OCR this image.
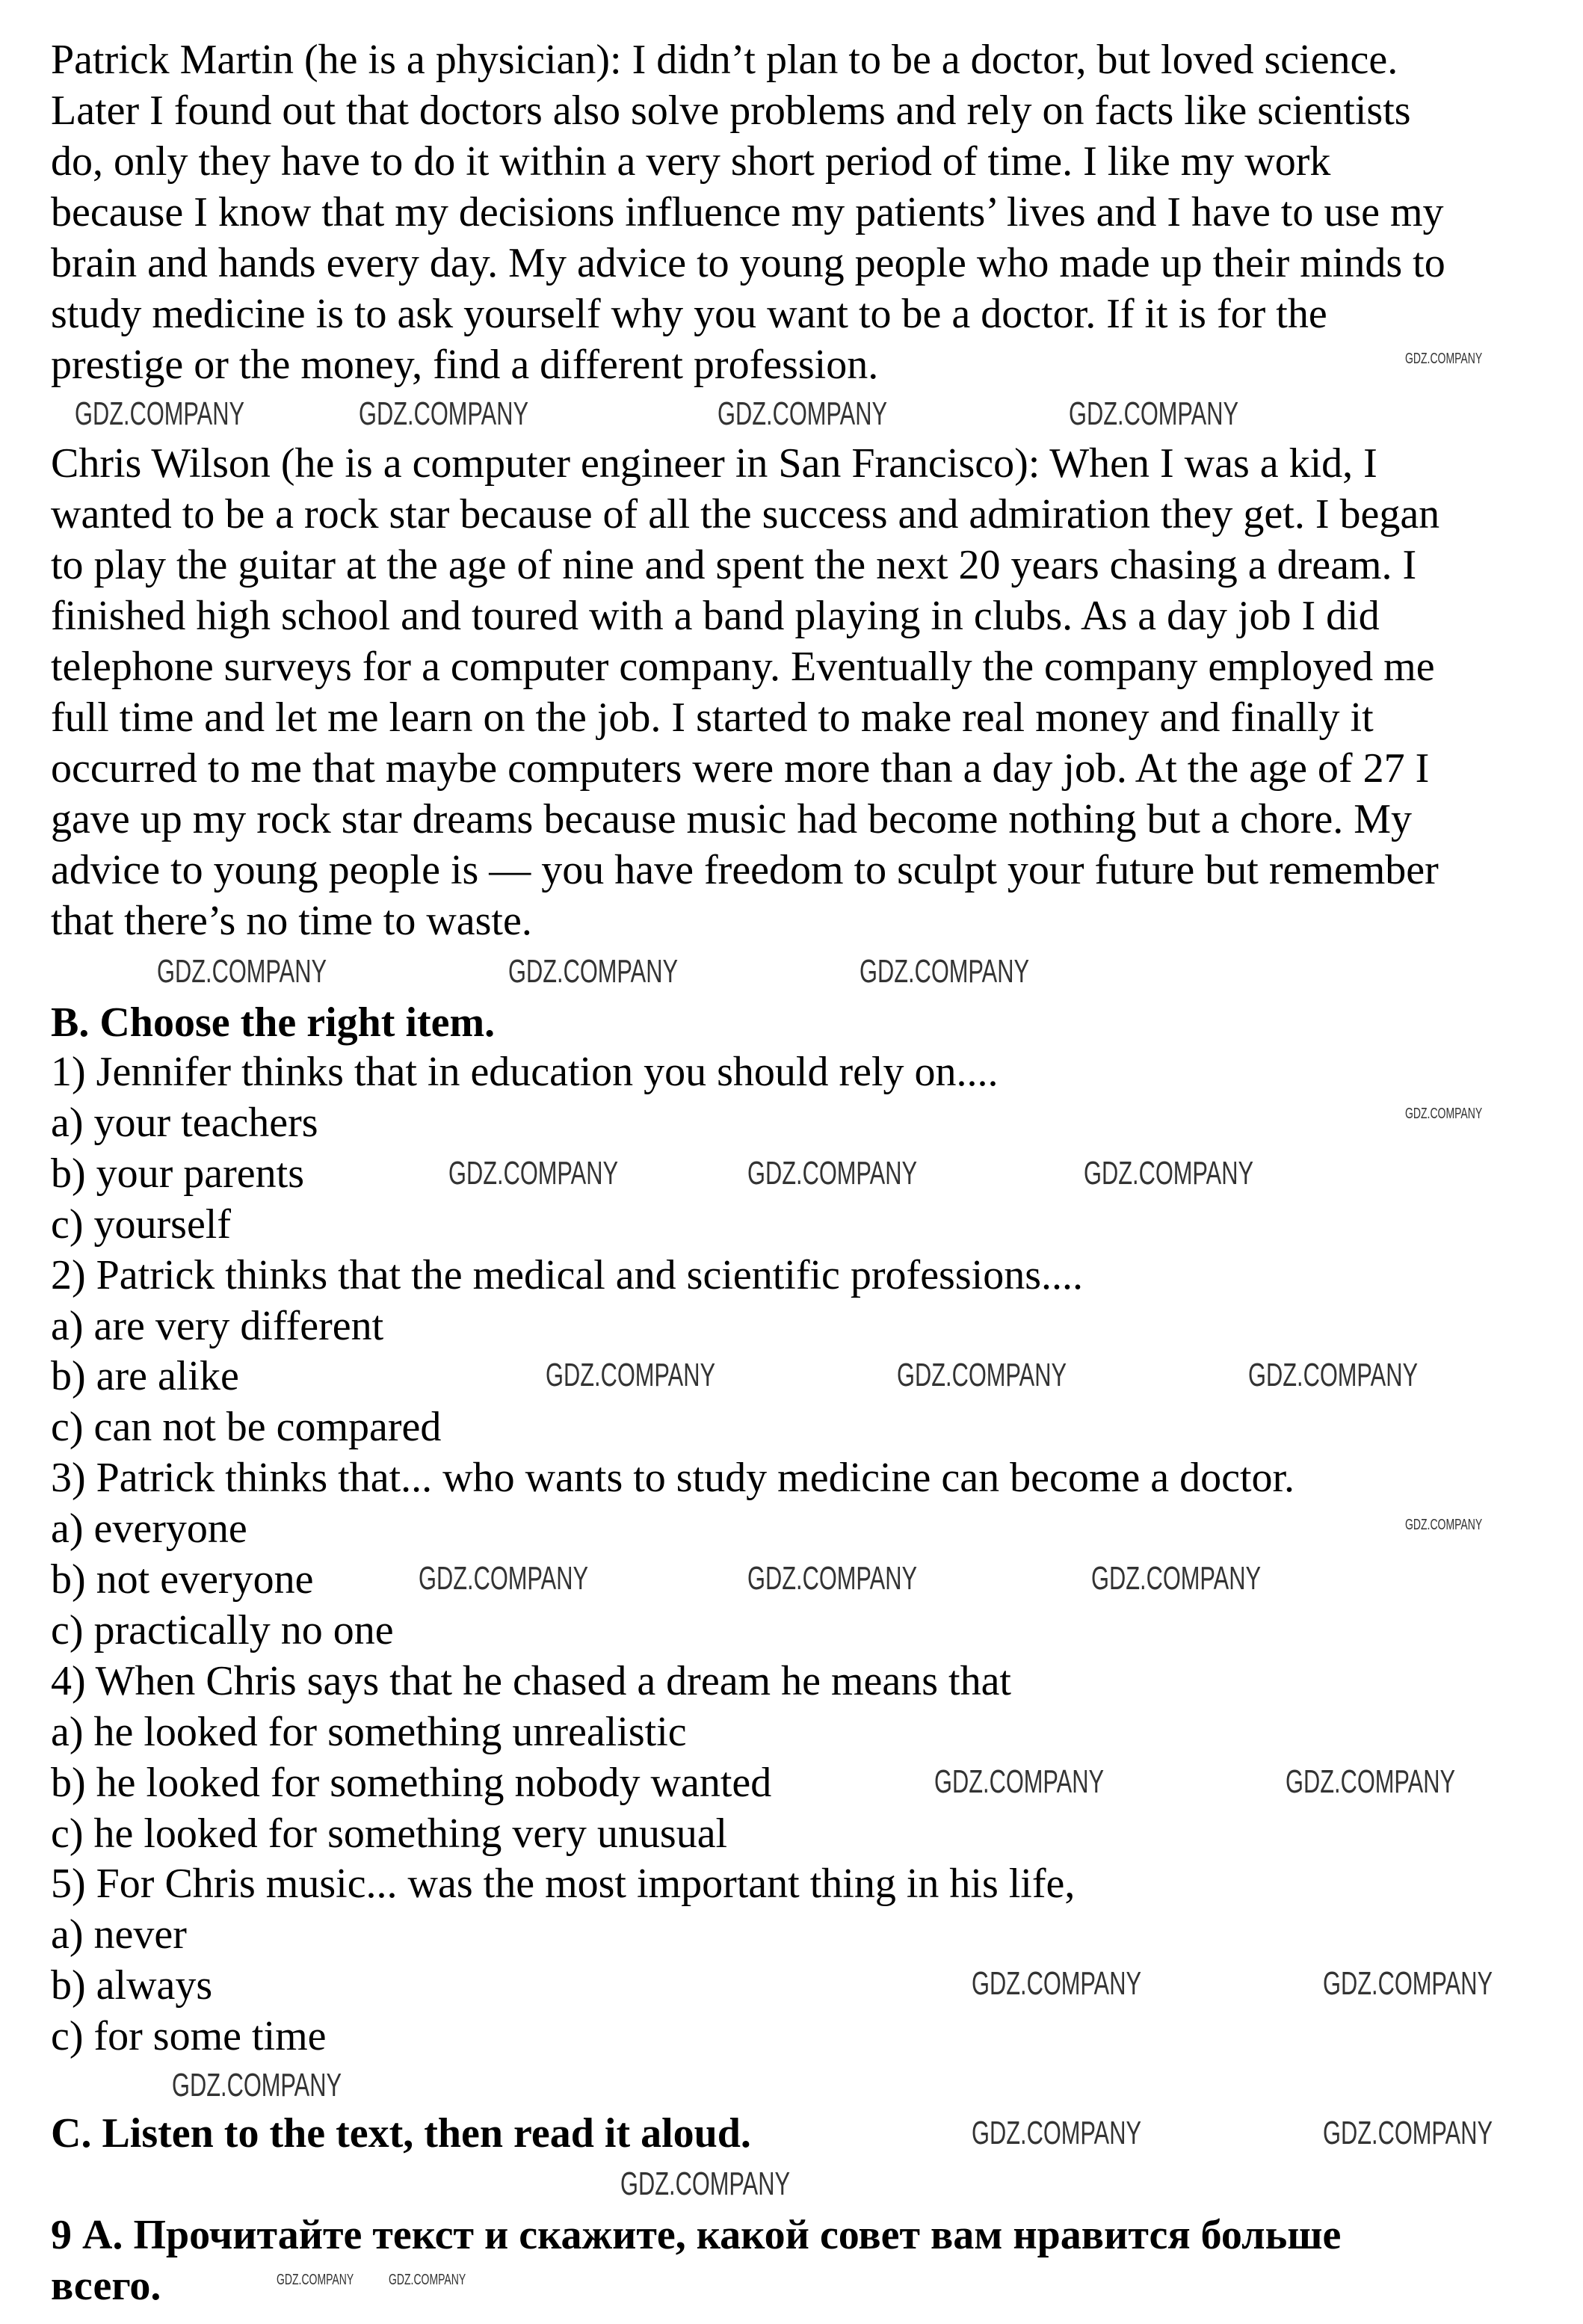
Patrick Martin (he is a physician): I didn’t plan to be a doctor, but loved science.
Later I found out that doctors also solve problems and rely on facts like scientists
do, only they have to do it within a very short period of time. I like my work
because I know that my decisions influence my patients’ lives and I have to use my
brain and hands every day. My advice to young people who made up their minds to
study medicine is to ask yourself why you want to be a doctor. If it is for the
prestige or the money, find a different profession.
Chris Wilson (he is a computer engineer in San Francisco): When I was a kid, I
wanted to be a rock star because of all the success and admiration they get. I began
to play the guitar at the age of nine and spent the next 20 years chasing a dream. I
finished high school and toured with a band playing in clubs. As a day job I did
telephone surveys for a computer company. Eventually the company employed me
full time and let me learn on the job. I started to make real money and finally it
occurred to me that maybe computers were more than a day job. At the age of 27 I
gave up my rock star dreams because music had become nothing but a chore. My
advice to young people is — you have freedom to sculpt your future but remember
that there’s no time to waste.
B. Choose the right item.
1) Jennifer thinks that in education you should rely on....
a) your teachers
b) your parents
c) yourself
2) Patrick thinks that the medical and scientific professions....
a) are very different
b) are alike
c) can not be compared
3) Patrick thinks that... who wants to study medicine can become a doctor.
a) everyone
b) not everyone
c) practically no one
4) When Chris says that he chased a dream he means that
a) he looked for something unrealistic
b) he looked for something nobody wanted
c) he looked for something very unusual
5) For Chris music... was the most important thing in his life,
a) never
b) always
c) for some time
C. Listen to the text, then read it aloud.
9 А. Прочитайте текст и скажите, какой совет вам нравится больше
всего.
GDZ.COMPANY	GDZ.COMPANY	GDZ.COMPANY	GDZ.COMPANY
GDZ.COMPANY
GDZ.COMPANY	GDZ.COMPANY	GDZ.COMPANY
GDZ.COMPANY
GDZ.COMPANY	GDZ.COMPANY	GDZ.COMPANY
GDZ.COMPANY	GDZ.COMPANY	GDZ.COMPANY
GDZ.COMPANY
GDZ.COMPANY	GDZ.COMPANY	GDZ.COMPANY
GDZ.COMPANY	GDZ.COMPANY
GDZ.COMPANY	GDZ.COMPANY
GDZ.COMPANY
GDZ.COMPANY	GDZ.COMPANY
GDZ.COMPANY
GDZ.COMPANY GDZ.COMPANY
